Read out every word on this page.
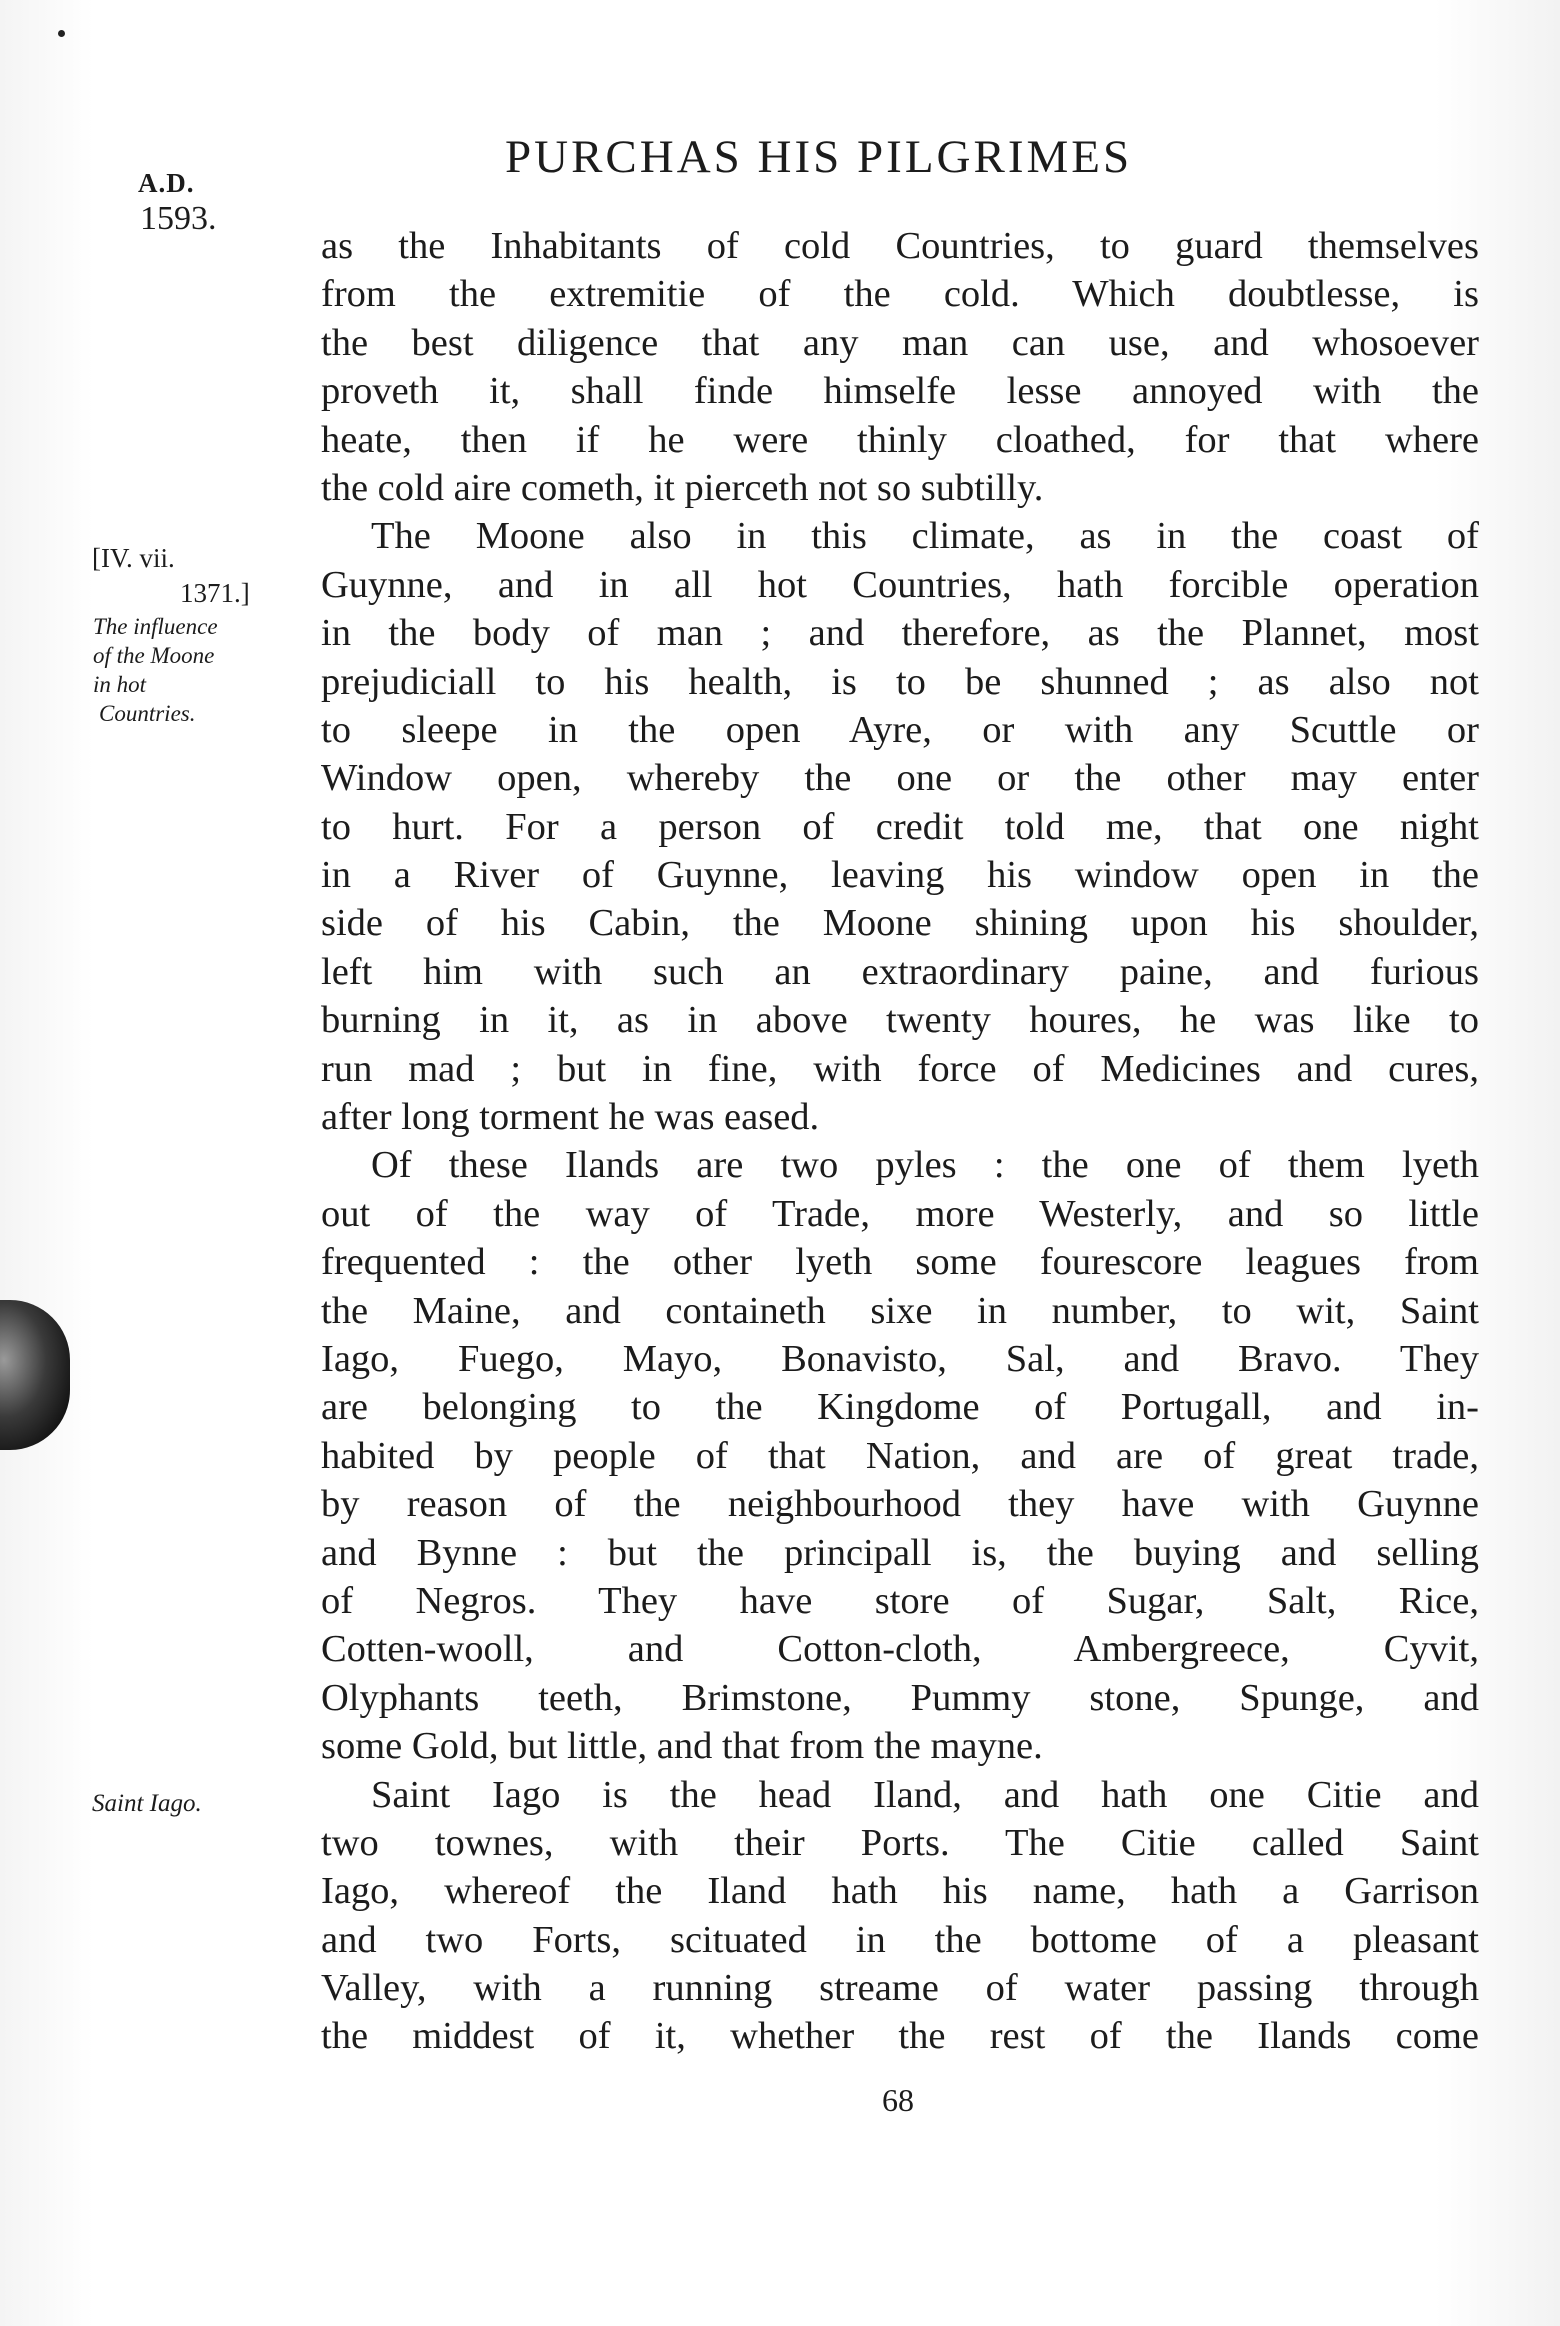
A.D.
1593.
PURCHAS HIS PILGRIMES
[IV. vii.
1371.]
The influence
of the Moone
in hot
Countries.
Saint Iago.
as the Inhabitants of cold Countries, to guard themselves
from the extremitie of the cold. Which doubtlesse, is
the best diligence that any man can use, and whosoever
proveth it, shall finde himselfe lesse annoyed with the
heate, then if he were thinly cloathed, for that where
the cold aire cometh, it pierceth not so subtilly.
The Moone also in this climate, as in the coast of
Guynne, and in all hot Countries, hath forcible operation
in the body of man ; and therefore, as the Plannet, most
prejudiciall to his health, is to be shunned ; as also not
to sleepe in the open Ayre, or with any Scuttle or
Window open, whereby the one or the other may enter
to hurt. For a person of credit told me, that one night
in a River of Guynne, leaving his window open in the
side of his Cabin, the Moone shining upon his shoulder,
left him with such an extraordinary paine, and furious
burning in it, as in above twenty houres, he was like to
run mad ; but in fine, with force of Medicines and cures,
after long torment he was eased.
Of these Ilands are two pyles : the one of them lyeth
out of the way of Trade, more Westerly, and so little
frequented : the other lyeth some fourescore leagues from
the Maine, and containeth sixe in number, to wit, Saint
Iago, Fuego, Mayo, Bonavisto, Sal, and Bravo. They
are belonging to the Kingdome of Portugall, and in-
habited by people of that Nation, and are of great trade,
by reason of the neighbourhood they have with Guynne
and Bynne : but the principall is, the buying and selling
of Negros. They have store of Sugar, Salt, Rice,
Cotten-wooll, and Cotton-cloth, Ambergreece, Cyvit,
Olyphants teeth, Brimstone, Pummy stone, Spunge, and
some Gold, but little, and that from the mayne.
Saint Iago is the head Iland, and hath one Citie and
two townes, with their Ports. The Citie called Saint
Iago, whereof the Iland hath his name, hath a Garrison
and two Forts, scituated in the bottome of a pleasant
Valley, with a running streame of water passing through
the middest of it, whether the rest of the Ilands come
68
